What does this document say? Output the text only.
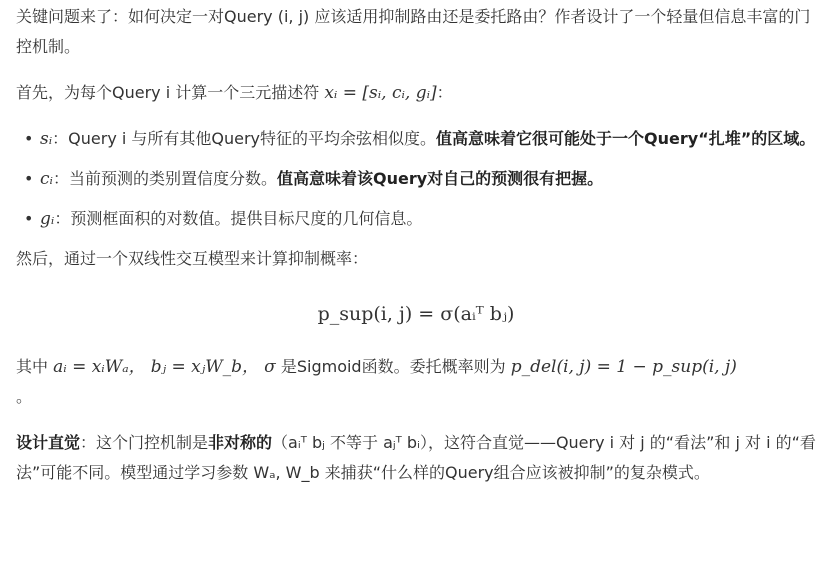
关键问题来了：如何决定一对Query (i, j) 应该适用抑制路由还是委托路由？作者设计了一个轻量但信息丰富的门控机制。

首先，为每个Query i 计算一个三元描述符 xᵢ = [sᵢ, cᵢ, gᵢ]：

• sᵢ：Query i 与所有其他Query特征的平均余弦相似度。值高意味着它很可能处于一个Query“扎堆”的区域。
• cᵢ：当前预测的类别置信度分数。值高意味着该Query对自己的预测很有把握。
• gᵢ：预测框面积的对数值。提供目标尺度的几何信息。

然后，通过一个双线性交互模型来计算抑制概率：

p_sup(i, j) = σ(aᵢᵀ bⱼ)

其中 aᵢ = xᵢWₐ， bⱼ = xⱼW_b， σ 是Sigmoid函数。委托概率则为 p_del(i, j) = 1 − p_sup(i, j)
。

设计直觉：这个门控机制是非对称的（aᵢᵀ bⱼ 不等于 aⱼᵀ bᵢ），这符合直觉——Query i 对 j 的“看法”和 j 对 i 的“看法”可能不同。模型通过学习参数 Wₐ, W_b 来捕获“什么样的Query组合应该被抑制”的复杂模式。
